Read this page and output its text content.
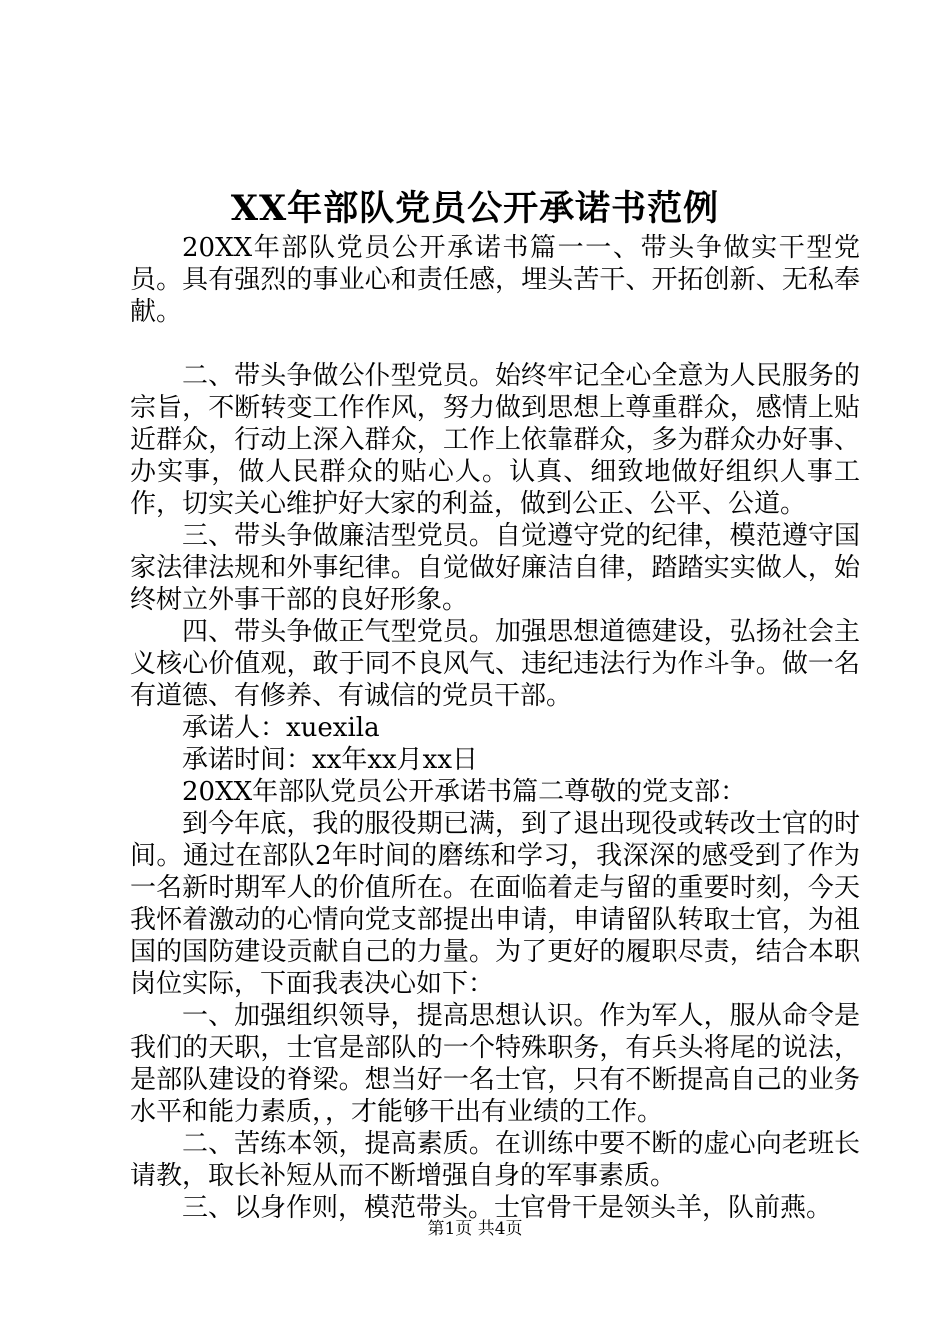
XX年部队党员公开承诺书范例

20XX年部队党员公开承诺书篇一一、带头争做实干型党员。具有强烈的事业心和责任感，埋头苦干、开拓创新、无私奉献。

二、带头争做公仆型党员。始终牢记全心全意为人民服务的宗旨，不断转变工作作风，努力做到思想上尊重群众，感情上贴近群众，行动上深入群众，工作上依靠群众，多为群众办好事、办实事，做人民群众的贴心人。认真、细致地做好组织人事工作，切实关心维护好大家的利益，做到公正、公平、公道。

三、带头争做廉洁型党员。自觉遵守党的纪律，模范遵守国家法律法规和外事纪律。自觉做好廉洁自律，踏踏实实做人，始终树立外事干部的良好形象。

四、带头争做正气型党员。加强思想道德建设，弘扬社会主义核心价值观，敢于同不良风气、违纪违法行为作斗争。做一名有道德、有修养、有诚信的党员干部。

承诺人：xuexila

承诺时间：xx年xx月xx日

20XX年部队党员公开承诺书篇二尊敬的党支部：

到今年底，我的服役期已满，到了退出现役或转改士官的时间。通过在部队2年时间的磨练和学习，我深深的感受到了作为一名新时期军人的价值所在。在面临着走与留的重要时刻，今天我怀着激动的心情向党支部提出申请，申请留队转取士官，为祖国的国防建设贡献自己的力量。为了更好的履职尽责，结合本职岗位实际，下面我表决心如下：

一、加强组织领导，提高思想认识。作为军人，服从命令是我们的天职，士官是部队的一个特殊职务，有兵头将尾的说法，是部队建设的脊梁。想当好一名士官，只有不断提高自己的业务水平和能力素质，，才能够干出有业绩的工作。

二、苦练本领，提高素质。在训练中要不断的虚心向老班长请教，取长补短从而不断增强自身的军事素质。

三、以身作则，模范带头。士官骨干是领头羊，队前燕。

第1页 共4页
